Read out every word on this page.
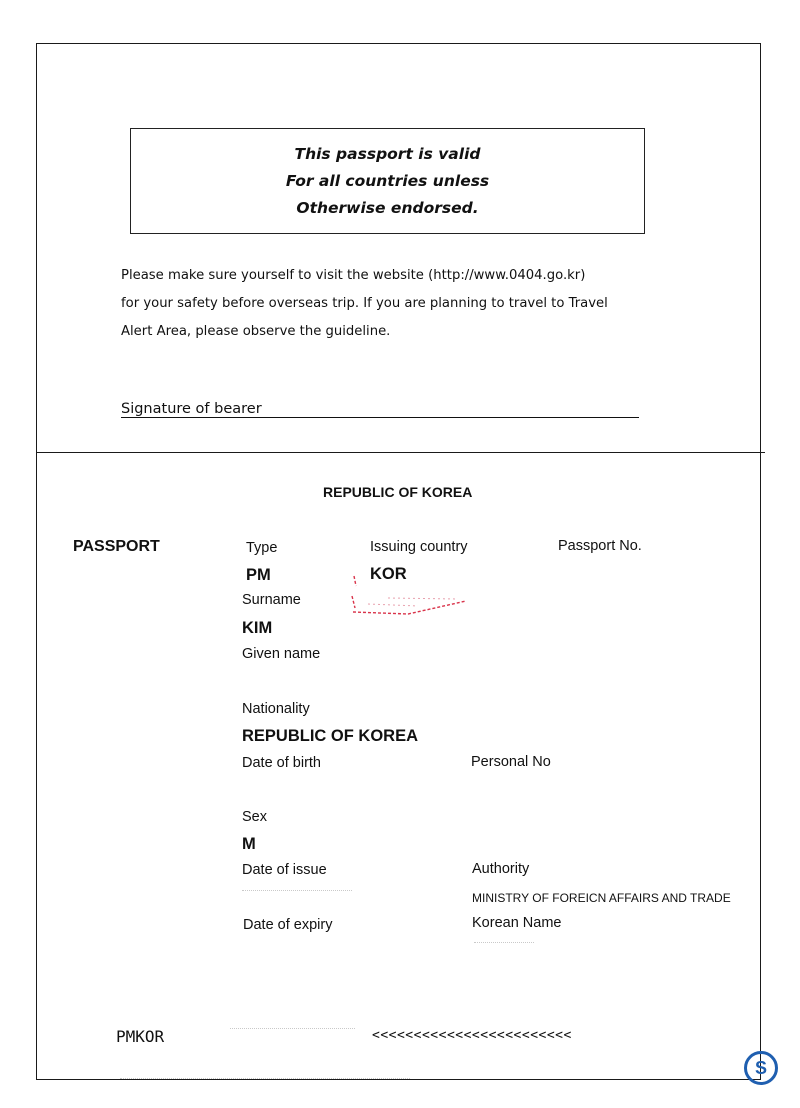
This passport is valid
For all countries unless
Otherwise endorsed.
Please make sure yourself to visit the website (http://www.0404.go.kr)
for your safety before overseas trip. If you are planning to travel to Travel
Alert Area, please observe the guideline.
Signature of bearer
REPUBLIC OF KOREA
PASSPORT	Type
PM
Issuing country
KOR
Passport No.
Surname
KIM
Given name
Nationality
REPUBLIC OF KOREA
Date of birth	Personal No
Sex
M
Date of issue	Authority
MINISTRY OF FOREICN AFFAIRS AND TRADE
Date of expiry	Korean Name
PMKOR	<<<<<<<<<<<<<<<<<<<<<<<<
S
